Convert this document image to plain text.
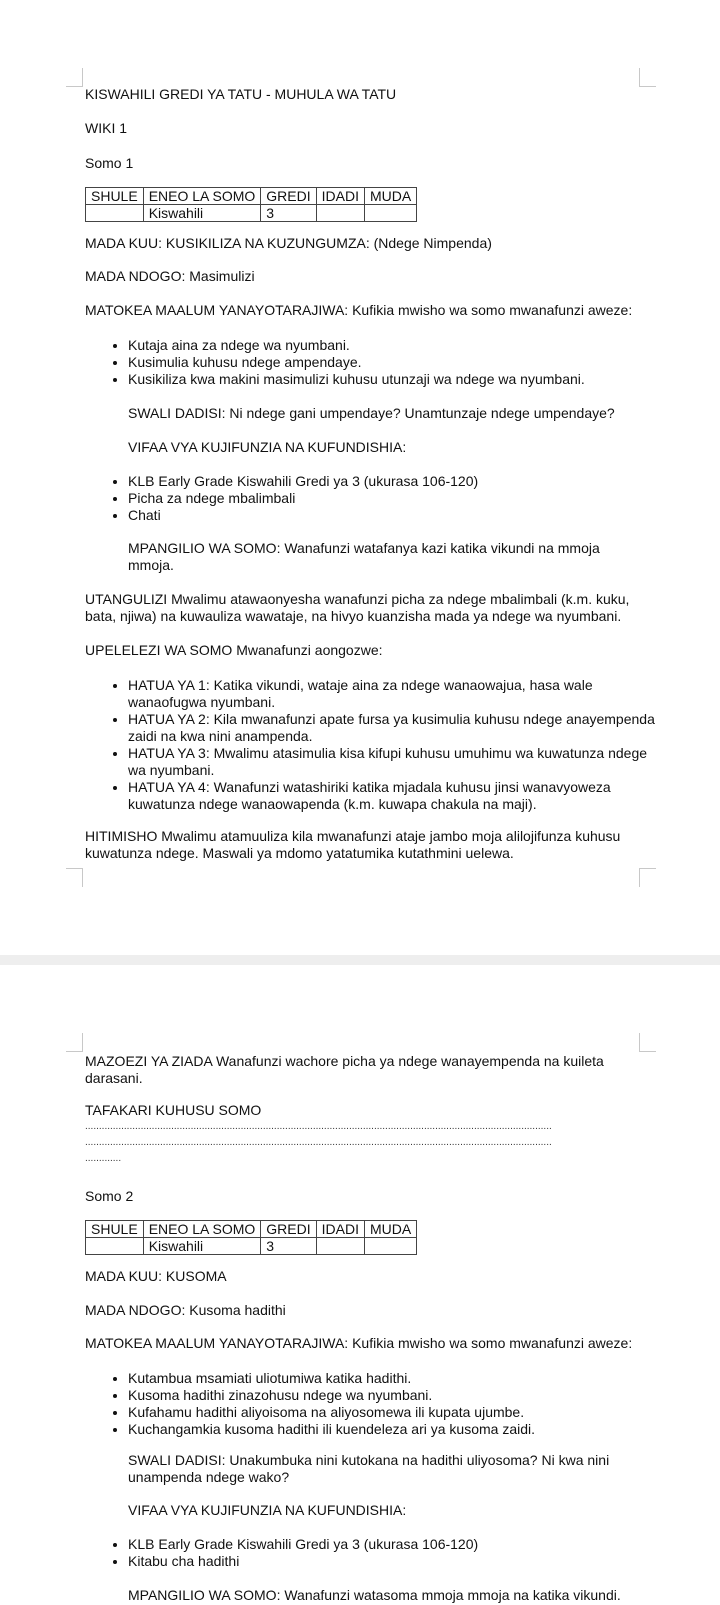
KISWAHILI GREDI YA TATU - MUHULA WA TATU

WIKI 1

Somo 1

SHULE	ENEO LA SOMO	GREDI	IDADI	MUDA
	Kiswahili	3		

MADA KUU: KUSIKILIZA NA KUZUNGUMZA: (Ndege Nimpenda)

MADA NDOGO: Masimulizi

MATOKEA MAALUM YANAYOTARAJIWA: Kufikia mwisho wa somo mwanafunzi aweze:

• Kutaja aina za ndege wa nyumbani.
• Kusimulia kuhusu ndege ampendaye.
• Kusikiliza kwa makini masimulizi kuhusu utunzaji wa ndege wa nyumbani.

SWALI DADISI: Ni ndege gani umpendaye? Unamtunzaje ndege umpendaye?

VIFAA VYA KUJIFUNZIA NA KUFUNDISHIA:

• KLB Early Grade Kiswahili Gredi ya 3 (ukurasa 106-120)
• Picha za ndege mbalimbali
• Chati

MPANGILIO WA SOMO: Wanafunzi watafanya kazi katika vikundi na mmoja mmoja.

UTANGULIZI Mwalimu atawaonyesha wanafunzi picha za ndege mbalimbali (k.m. kuku, bata, njiwa) na kuwauliza wawataje, na hivyo kuanzisha mada ya ndege wa nyumbani.

UPELELEZI WA SOMO Mwanafunzi aongozwe:

• HATUA YA 1: Katika vikundi, wataje aina za ndege wanaowajua, hasa wale wanaofugwa nyumbani.
• HATUA YA 2: Kila mwanafunzi apate fursa ya kusimulia kuhusu ndege anayempenda zaidi na kwa nini anampenda.
• HATUA YA 3: Mwalimu atasimulia kisa kifupi kuhusu umuhimu wa kuwatunza ndege wa nyumbani.
• HATUA YA 4: Wanafunzi watashiriki katika mjadala kuhusu jinsi wanavyoweza kuwatunza ndege wanaowapenda (k.m. kuwapa chakula na maji).

HITIMISHO Mwalimu atamuuliza kila mwanafunzi ataje jambo moja alilojifunza kuhusu kuwatunza ndege. Maswali ya mdomo yatatumika kutathmini uelewa.

MAZOEZI YA ZIADA Wanafunzi wachore picha ya ndege wanayempenda na kuileta darasani.

TAFAKARI KUHUSU SOMO

........................................................................................................................................................................
........................................................................................................................................................................
.............

Somo 2

SHULE	ENEO LA SOMO	GREDI	IDADI	MUDA
	Kiswahili	3		

MADA KUU: KUSOMA

MADA NDOGO: Kusoma hadithi

MATOKEA MAALUM YANAYOTARAJIWA: Kufikia mwisho wa somo mwanafunzi aweze:

• Kutambua msamiati uliotumiwa katika hadithi.
• Kusoma hadithi zinazohusu ndege wa nyumbani.
• Kufahamu hadithi aliyoisoma na aliyosomewa ili kupata ujumbe.
• Kuchangamkia kusoma hadithi ili kuendeleza ari ya kusoma zaidi.

SWALI DADISI: Unakumbuka nini kutokana na hadithi uliyosoma? Ni kwa nini unampenda ndege wako?

VIFAA VYA KUJIFUNZIA NA KUFUNDISHIA:

• KLB Early Grade Kiswahili Gredi ya 3 (ukurasa 106-120)
• Kitabu cha hadithi

MPANGILIO WA SOMO: Wanafunzi watasoma mmoja mmoja na katika vikundi.
